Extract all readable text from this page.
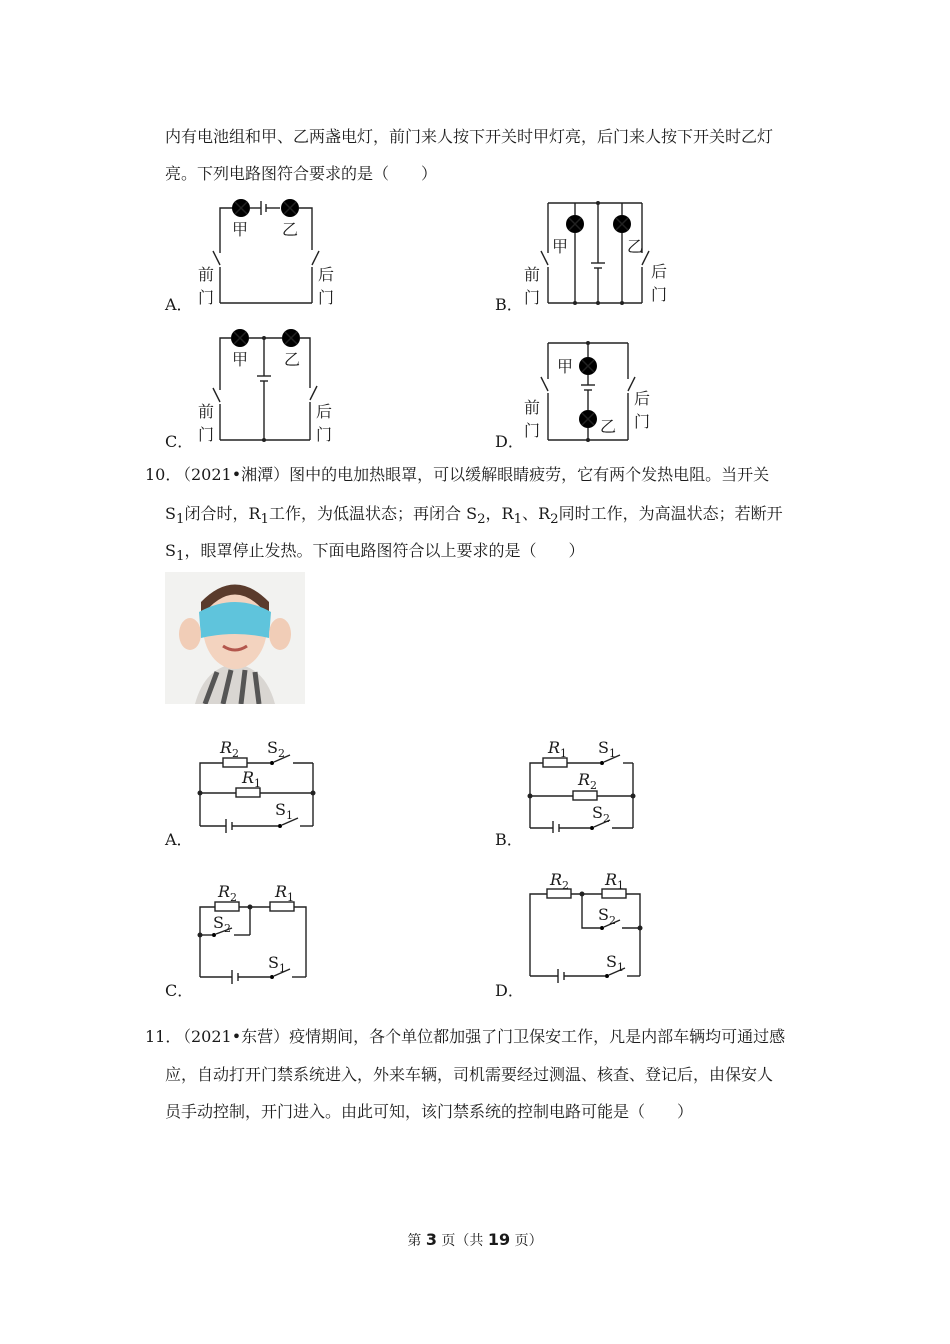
内有电池组和甲、乙两盏电灯，前门来人按下开关时甲灯亮，后门来人按下开关时乙灯
亮。下列电路图符合要求的是（　　）
A．
甲 乙
前
门
后
门	B．
甲	乙
前
门
后
门
C．
甲 乙
前
门
后
门	D．
甲
乙
前
门
后
门
10．
（2021•湘潭）图中的电加热眼罩，可以缓解眼睛疲劳，它有两个发热电阻。当开关
$S_1$闭合时，$R_1$工作，为低温状态；再闭合 $S_2$，$R_1$、$R_2$同时工作，为高温状态；若断开
$S_1$，眼罩停止发热。下面电路图符合以上要求的是（　　）
A．
$R_2$ $S_2$
$R_1$
$S_1$
B．
$R_1$ $S_1$
$R_2$
$S_2$
C．
$R_2$ $R_1$
$S_2$
$S_1$
D．
$R_2$ $R_1$
$S_2$
$S_1$
11．
（2021•东营）疫情期间，各个单位都加强了门卫保安工作，凡是内部车辆均可通过感
应，自动打开门禁系统进入，外来车辆，司机需要经过测温、核查、登记后，由保安人
员手动控制，开门进入。由此可知，该门禁系统的控制电路可能是（　　）
第 3 页（共 19 页）
